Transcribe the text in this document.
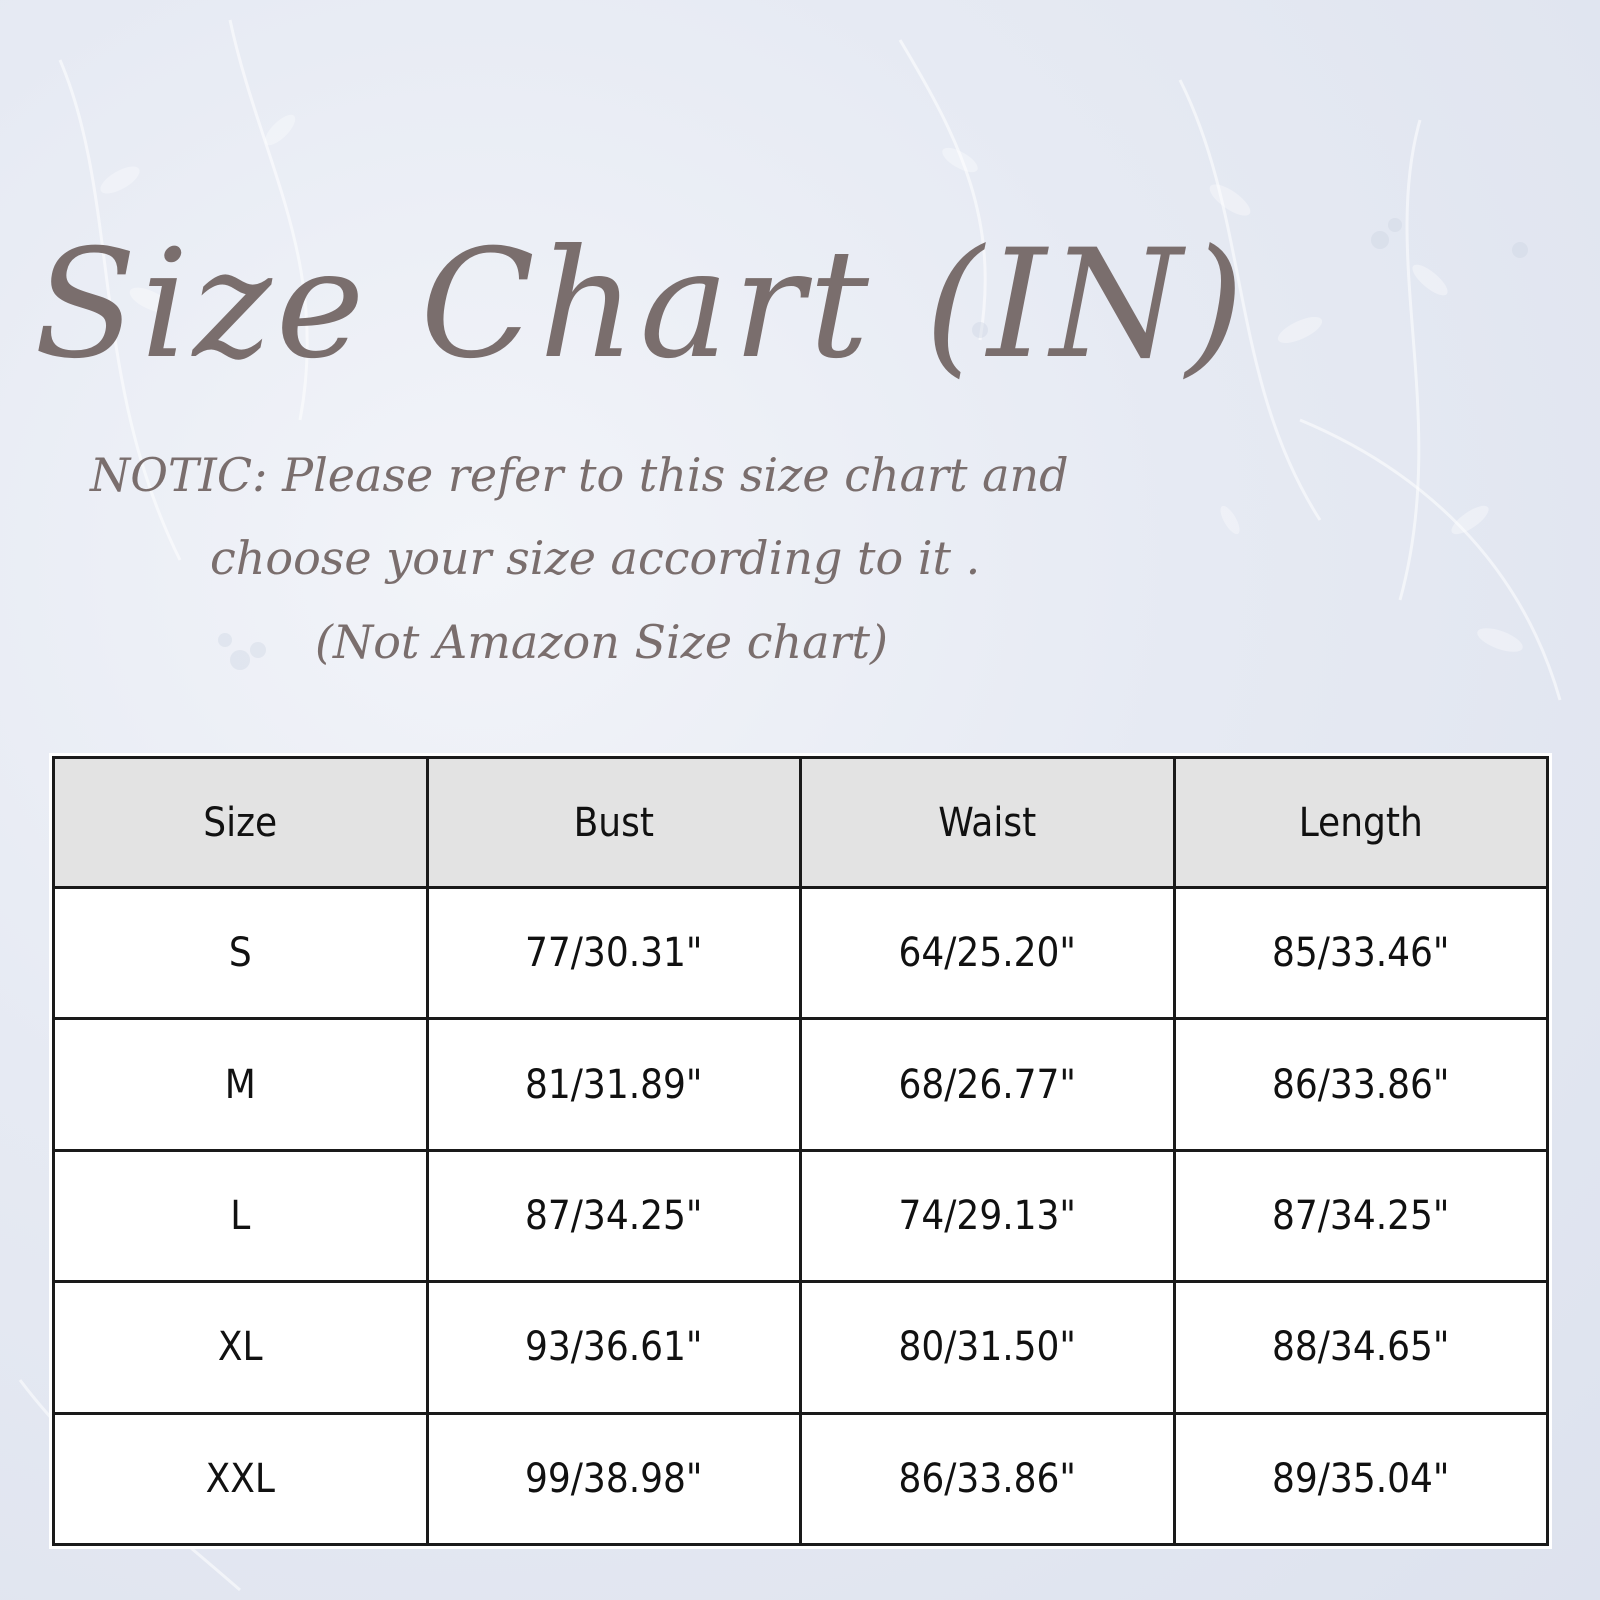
Size Chart (IN)

NOTIC: Please refer to this size chart and

choose your size according to it .

(Not Amazon Size chart)

Size	Bust	Waist	Length
S	77/30.31"	64/25.20"	85/33.46"
M	81/31.89"	68/26.77"	86/33.86"
L	87/34.25"	74/29.13"	87/34.25"
XL	93/36.61"	80/31.50"	88/34.65"
XXL	99/38.98"	86/33.86"	89/35.04"
